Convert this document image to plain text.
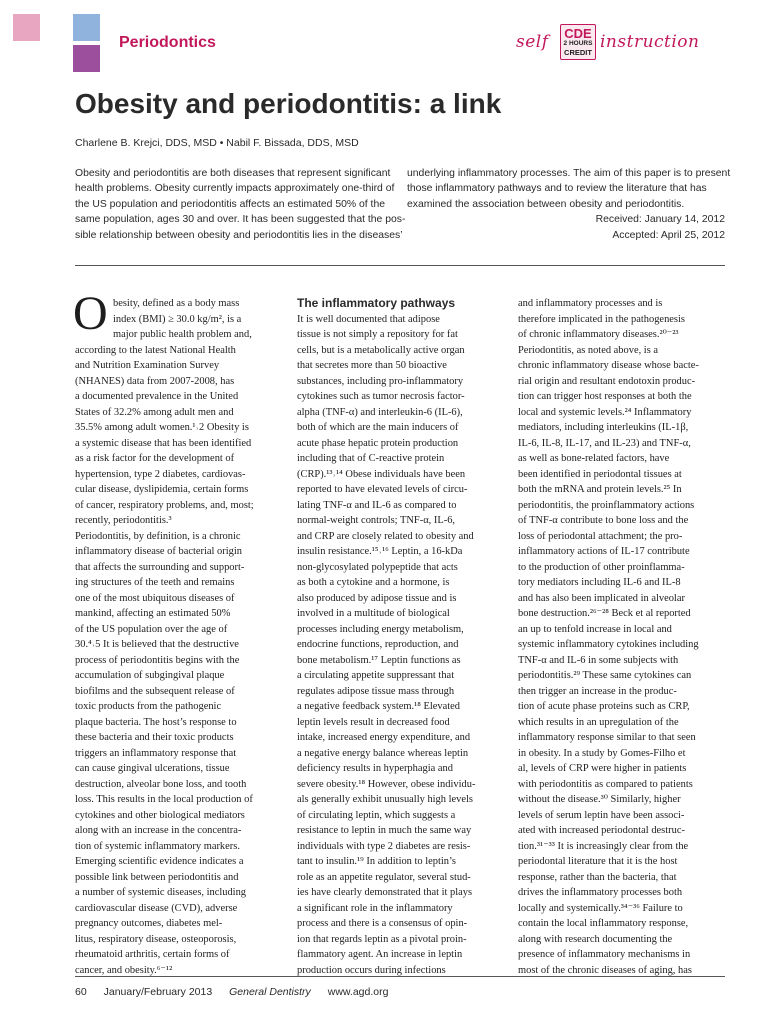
Periodontics	self CDE
2 HOURS
CREDIT instruction
Obesity and periodontitis: a link
Charlene B. Krejci, DDS, MSD • Nabil F. Bissada, DDS, MSD
Obesity and periodontitis are both diseases that represent significant
health problems. Obesity currently impacts approximately one-third of
the US population and periodontitis affects an estimated 50% of the
same population, ages 30 and over. It has been suggested that the pos-
sible relationship between obesity and periodontitis lies in the diseases’
underlying inflammatory processes. The aim of this paper is to present
those inflammatory pathways and to review the literature that has
examined the association between obesity and periodontitis.
Received: January 14, 2012
Accepted: April 25, 2012
O besity, defined as a body mass
index (BMI) ≥ 30.0 kg/m², is a
major public health problem and,
according to the latest National Health
and Nutrition Examination Survey
(NHANES) data from 2007-2008, has
a documented prevalence in the United
States of 32.2% among adult men and
35.5% among adult women.¹˒2 Obesity is
a systemic disease that has been identified
as a risk factor for the development of
hypertension, type 2 diabetes, cardiovas-
cular disease, dyslipidemia, certain forms
of cancer, respiratory problems, and, most;
recently, periodontitis.³
Periodontitis, by definition, is a chronic
inflammatory disease of bacterial origin
that affects the surrounding and support-
ing structures of the teeth and remains
one of the most ubiquitous diseases of
mankind, affecting an estimated 50%
of the US population over the age of
30.⁴˒5 It is believed that the destructive
process of periodontitis begins with the
accumulation of subgingival plaque
biofilms and the subsequent release of
toxic products from the pathogenic
plaque bacteria. The host’s response to
these bacteria and their toxic products
triggers an inflammatory response that
can cause gingival ulcerations, tissue
destruction, alveolar bone loss, and tooth
loss. This results in the local production of
cytokines and other biological mediators
along with an increase in the concentra-
tion of systemic inflammatory markers.
Emerging scientific evidence indicates a
possible link between periodontitis and
a number of systemic diseases, including
cardiovascular disease (CVD), adverse
pregnancy outcomes, diabetes mel-
litus, respiratory disease, osteoporosis,
rheumatoid arthritis, certain forms of
cancer, and obesity.⁶⁻¹²
The inflammatory pathways
It is well documented that adipose
tissue is not simply a repository for fat
cells, but is a metabolically active organ
that secretes more than 50 bioactive
substances, including pro-inflammatory
cytokines such as tumor necrosis factor-
alpha (TNF-α) and interleukin-6 (IL-6),
both of which are the main inducers of
acute phase hepatic protein production
including that of C-reactive protein
(CRP).¹³˒¹⁴ Obese individuals have been
reported to have elevated levels of circu-
lating TNF-α and IL-6 as compared to
normal-weight controls; TNF-α, IL-6,
and CRP are closely related to obesity and
insulin resistance.¹⁵˒¹⁶ Leptin, a 16-kDa
non-glycosylated polypeptide that acts
as both a cytokine and a hormone, is
also produced by adipose tissue and is
involved in a multitude of biological
processes including energy metabolism,
endocrine functions, reproduction, and
bone metabolism.¹⁷ Leptin functions as
a circulating appetite suppressant that
regulates adipose tissue mass through
a negative feedback system.¹⁸ Elevated
leptin levels result in decreased food
intake, increased energy expenditure, and
a negative energy balance whereas leptin
deficiency results in hyperphagia and
severe obesity.¹⁸ However, obese individu-
als generally exhibit unusually high levels
of circulating leptin, which suggests a
resistance to leptin in much the same way
individuals with type 2 diabetes are resis-
tant to insulin.¹⁹ In addition to leptin’s
role as an appetite regulator, several stud-
ies have clearly demonstrated that it plays
a significant role in the inflammatory
process and there is a consensus of opin-
ion that regards leptin as a pivotal proin-
flammatory agent. An increase in leptin
production occurs during infections
and inflammatory processes and is
therefore implicated in the pathogenesis
of chronic inflammatory diseases.²⁰⁻²³
Periodontitis, as noted above, is a
chronic inflammatory disease whose bacte-
rial origin and resultant endotoxin produc-
tion can trigger host responses at both the
local and systemic levels.²⁴ Inflammatory
mediators, including interleukins (IL-1β,
IL-6, IL-8, IL-17, and IL-23) and TNF-α,
as well as bone-related factors, have
been identified in periodontal tissues at
both the mRNA and protein levels.²⁵ In
periodontitis, the proinflammatory actions
of TNF-α contribute to bone loss and the
loss of periodontal attachment; the pro-
inflammatory actions of IL-17 contribute
to the production of other proinflamma-
tory mediators including IL-6 and IL-8
and has also been implicated in alveolar
bone destruction.²⁶⁻²⁸ Beck et al reported
an up to tenfold increase in local and
systemic inflammatory cytokines including
TNF-α and IL-6 in some subjects with
periodontitis.²⁹ These same cytokines can
then trigger an increase in the produc-
tion of acute phase proteins such as CRP,
which results in an upregulation of the
inflammatory response similar to that seen
in obesity. In a study by Gomes-Filho et
al, levels of CRP were higher in patients
with periodontitis as compared to patients
without the disease.³⁰ Similarly, higher
levels of serum leptin have been associ-
ated with increased periodontal destruc-
tion.³¹⁻³³ It is increasingly clear from the
periodontal literature that it is the host
response, rather than the bacteria, that
drives the inflammatory processes both
locally and systemically.³⁴⁻³⁶ Failure to
contain the local inflammatory response,
along with research documenting the
presence of inflammatory mechanisms in
most of the chronic diseases of aging, has
60 January/February 2013 General Dentistry www.agd.org
